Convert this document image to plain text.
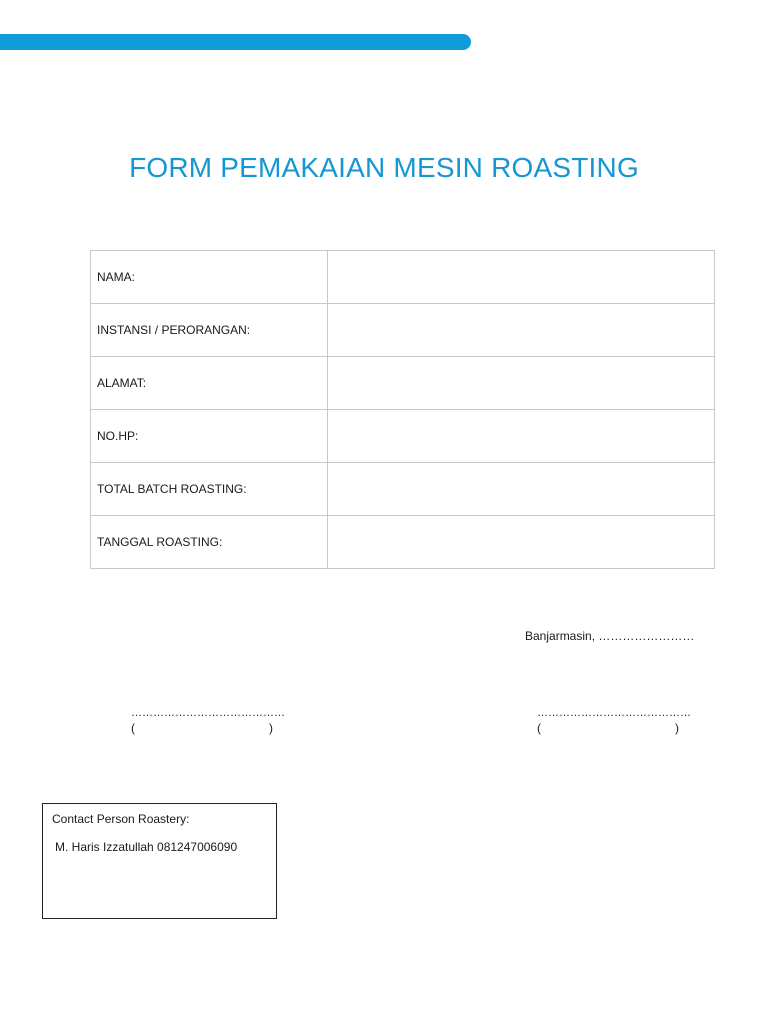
FORM PEMAKAIAN MESIN ROASTING
NAMA:	
INSTANSI / PERORANGAN:	
ALAMAT:	
NO.HP:	
TOTAL BATCH ROASTING:	
TANGGAL ROASTING:	
Banjarmasin, ……………………
……………………………………
(	)
……………………………………
(	)
Contact Person Roastery:
M. Haris Izzatullah 081247006090
